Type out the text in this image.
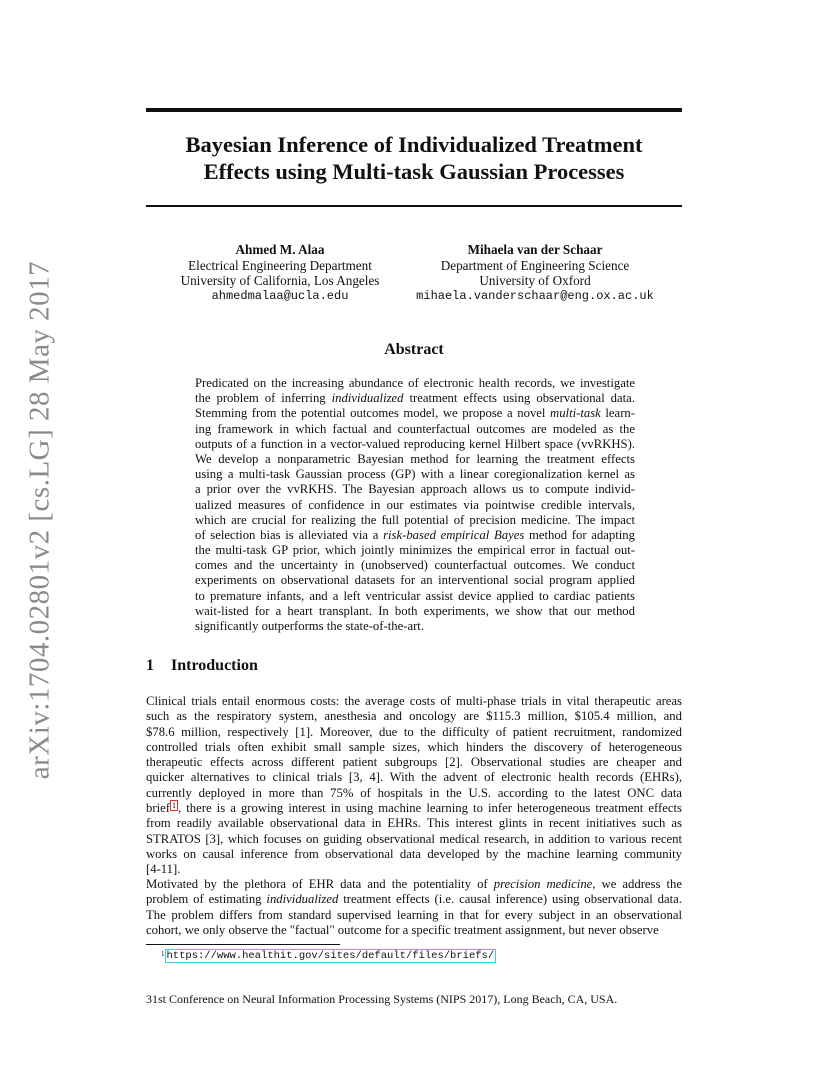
arXiv:1704.02801v2 [cs.LG] 28 May 2017
Bayesian Inference of Individualized Treatment
Effects using Multi-task Gaussian Processes
Ahmed M. Alaa
Electrical Engineering Department
University of California, Los Angeles
ahmedmalaa@ucla.edu
Mihaela van der Schaar
Department of Engineering Science
University of Oxford
mihaela.vanderschaar@eng.ox.ac.uk
Abstract
Predicated on the increasing abundance of electronic health records, we investigate
the problem of inferring individualized treatment effects using observational data.
Stemming from the potential outcomes model, we propose a novel multi-task learn-
ing framework in which factual and counterfactual outcomes are modeled as the
outputs of a function in a vector-valued reproducing kernel Hilbert space (vvRKHS).
We develop a nonparametric Bayesian method for learning the treatment effects
using a multi-task Gaussian process (GP) with a linear coregionalization kernel as
a prior over the vvRKHS. The Bayesian approach allows us to compute individ-
ualized measures of confidence in our estimates via pointwise credible intervals,
which are crucial for realizing the full potential of precision medicine. The impact
of selection bias is alleviated via a risk-based empirical Bayes method for adapting
the multi-task GP prior, which jointly minimizes the empirical error in factual out-
comes and the uncertainty in (unobserved) counterfactual outcomes. We conduct
experiments on observational datasets for an interventional social program applied
to premature infants, and a left ventricular assist device applied to cardiac patients
wait-listed for a heart transplant. In both experiments, we show that our method
significantly outperforms the state-of-the-art.
1 Introduction
Clinical trials entail enormous costs: the average costs of multi-phase trials in vital therapeutic areas
such as the respiratory system, anesthesia and oncology are $115.3 million, $105.4 million, and
$78.6 million, respectively [1]. Moreover, due to the difficulty of patient recruitment, randomized
controlled trials often exhibit small sample sizes, which hinders the discovery of heterogeneous
therapeutic effects across different patient subgroups [2]. Observational studies are cheaper and
quicker alternatives to clinical trials [3, 4]. With the advent of electronic health records (EHRs),
currently deployed in more than 75% of hospitals in the U.S. according to the latest ONC data
brief $^1$ , there is a growing interest in using machine learning to infer heterogeneous treatment effects
from readily available observational data in EHRs. This interest glints in recent initiatives such as
STRATOS [3], which focuses on guiding observational medical research, in addition to various recent
works on causal inference from observational data developed by the machine learning community
[4-11].
Motivated by the plethora of EHR data and the potentiality of precision medicine, we address the
problem of estimating individualized treatment effects (i.e. causal inference) using observational data.
The problem differs from standard supervised learning in that for every subject in an observational
cohort, we only observe the "factual" outcome for a specific treatment assignment, but never observe
$^1$ https://www.healthit.gov/sites/default/files/briefs/
31st Conference on Neural Information Processing Systems (NIPS 2017), Long Beach, CA, USA.
